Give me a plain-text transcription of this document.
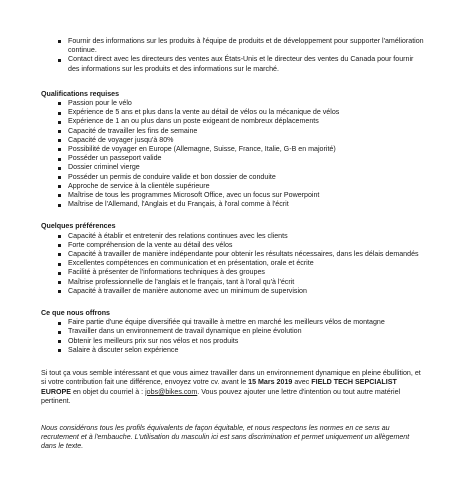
Fournir des informations sur les produits à l'équipe de produits et de développement pour supporter l'amélioration continue.
Contact direct avec les directeurs des ventes aux États-Unis et le directeur des ventes du Canada pour fournir des informations sur les produits et des informations sur le marché.
Qualifications requises
Passion pour le vélo
Expérience de 5 ans et plus dans la vente au détail de vélos ou la mécanique de vélos
Expérience de 1 an ou plus dans un poste exigeant de nombreux déplacements
Capacité de travailler les fins de semaine
Capacité de voyager jusqu'à 80%
Possibilité de voyager en Europe (Allemagne, Suisse, France, Italie, G-B en majorité)
Posséder un passeport valide
Dossier criminel vierge
Posséder un permis de conduire valide et bon dossier de conduite
Approche de service à la clientèle supérieure
Maîtrise de tous les programmes Microsoft Office, avec un focus sur Powerpoint
Maîtrise de l'Allemand, l'Anglais et du Français, à l'oral comme à l'écrit
Quelques préférences
Capacité à établir et entretenir des relations continues avec les clients
Forte compréhension de la vente au détail des vélos
Capacité à travailler de manière indépendante pour obtenir les résultats nécessaires, dans les délais demandés
Excellentes compétences en communication et en présentation, orale et écrite
Facilité à présenter de l'informations techniques à des groupes
Maîtrise professionnelle de l'anglais et le français, tant à l'oral qu'à l'écrit
Capacité à travailler de manière autonome avec un minimum de supervision
Ce que nous offrons
Faire partie d'une équipe diversifiée qui travaille à mettre en marché les meilleurs vélos de montagne
Travailler dans un environnement de travail dynamique en pleine évolution
Obtenir les meilleurs prix sur nos vélos et nos produits
Salaire à discuter selon expérience

Si tout ça vous semble intéressant et que vous aimez travailler dans un environnement dynamique en pleine ébullition, et si votre contribution fait une différence, envoyez votre cv. avant le 15 Mars 2019 avec FIELD TECH SEPCIALIST EUROPE en objet du courriel à : jobs@bikes.com. Vous pouvez ajouter une lettre d'intention ou tout autre matériel pertinent.

Nous considérons tous les profils équivalents de façon équitable, et nous respectons les normes en ce sens au recrutement et à l'embauche. L'utilisation du masculin ici est sans discrimination et permet uniquement un allègement dans le texte.
